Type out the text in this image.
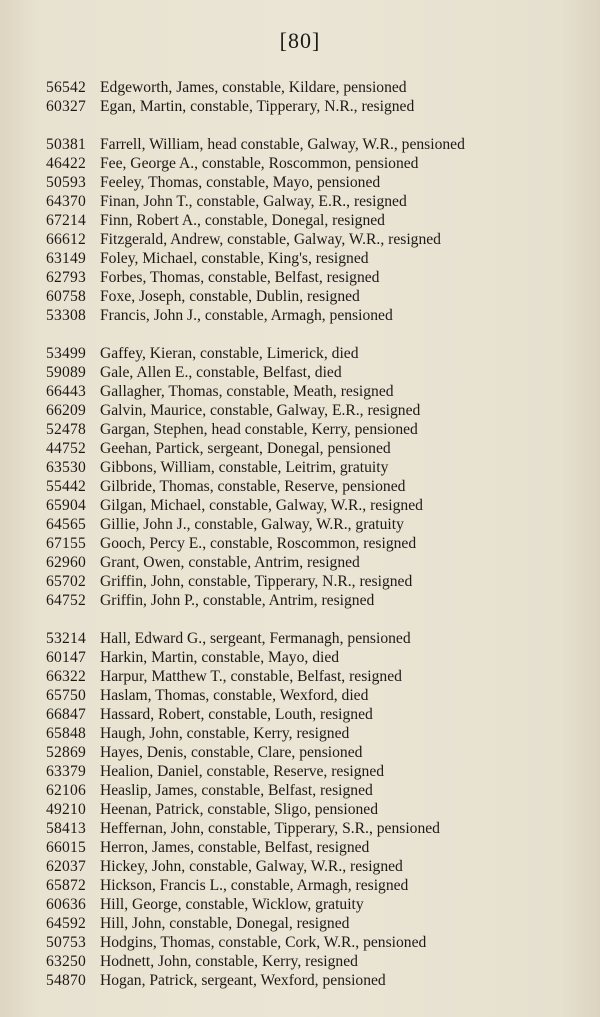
[80]
56542 Edgeworth, James, constable, Kildare, pensioned
60327 Egan, Martin, constable, Tipperary, N.R., resigned
50381 Farrell, William, head constable, Galway, W.R., pensioned
46422 Fee, George A., constable, Roscommon, pensioned
50593 Feeley, Thomas, constable, Mayo, pensioned
64370 Finan, John T., constable, Galway, E.R., resigned
67214 Finn, Robert A., constable, Donegal, resigned
66612 Fitzgerald, Andrew, constable, Galway, W.R., resigned
63149 Foley, Michael, constable, King's, resigned
62793 Forbes, Thomas, constable, Belfast, resigned
60758 Foxe, Joseph, constable, Dublin, resigned
53308 Francis, John J., constable, Armagh, pensioned
53499 Gaffey, Kieran, constable, Limerick, died
59089 Gale, Allen E., constable, Belfast, died
66443 Gallagher, Thomas, constable, Meath, resigned
66209 Galvin, Maurice, constable, Galway, E.R., resigned
52478 Gargan, Stephen, head constable, Kerry, pensioned
44752 Geehan, Partick, sergeant, Donegal, pensioned
63530 Gibbons, William, constable, Leitrim, gratuity
55442 Gilbride, Thomas, constable, Reserve, pensioned
65904 Gilgan, Michael, constable, Galway, W.R., resigned
64565 Gillie, John J., constable, Galway, W.R., gratuity
67155 Gooch, Percy E., constable, Roscommon, resigned
62960 Grant, Owen, constable, Antrim, resigned
65702 Griffin, John, constable, Tipperary, N.R., resigned
64752 Griffin, John P., constable, Antrim, resigned
53214 Hall, Edward G., sergeant, Fermanagh, pensioned
60147 Harkin, Martin, constable, Mayo, died
66322 Harpur, Matthew T., constable, Belfast, resigned
65750 Haslam, Thomas, constable, Wexford, died
66847 Hassard, Robert, constable, Louth, resigned
65848 Haugh, John, constable, Kerry, resigned
52869 Hayes, Denis, constable, Clare, pensioned
63379 Healion, Daniel, constable, Reserve, resigned
62106 Heaslip, James, constable, Belfast, resigned
49210 Heenan, Patrick, constable, Sligo, pensioned
58413 Heffernan, John, constable, Tipperary, S.R., pensioned
66015 Herron, James, constable, Belfast, resigned
62037 Hickey, John, constable, Galway, W.R., resigned
65872 Hickson, Francis L., constable, Armagh, resigned
60636 Hill, George, constable, Wicklow, gratuity
64592 Hill, John, constable, Donegal, resigned
50753 Hodgins, Thomas, constable, Cork, W.R., pensioned
63250 Hodnett, John, constable, Kerry, resigned
54870 Hogan, Patrick, sergeant, Wexford, pensioned
